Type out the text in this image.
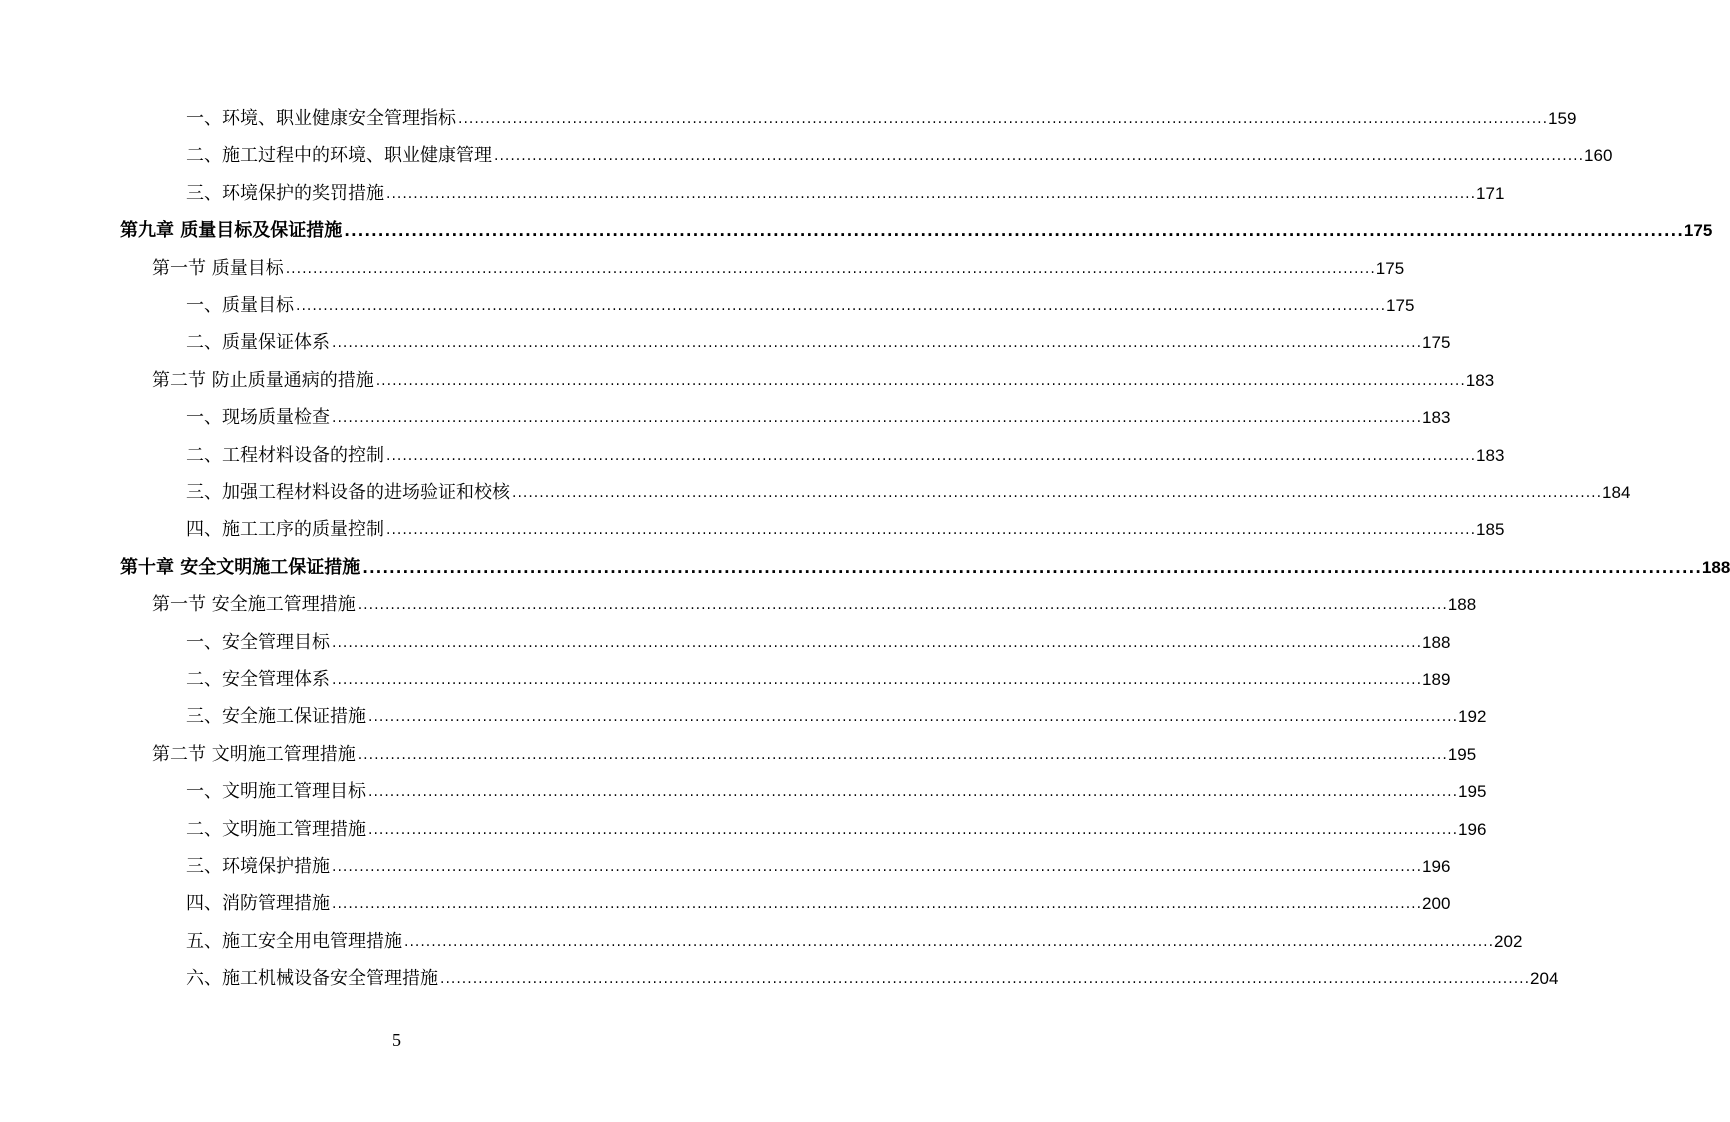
一、环境、职业健康安全管理指标 ........................................................................................................................................................................................................ 159
二、施工过程中的环境、职业健康管理 ........................................................................................................................................................................................................ 160
三、环境保护的奖罚措施 ........................................................................................................................................................................................................ 171
第九章 质量目标及保证措施 ........................................................................................................................................................................................................ 175
第一节 质量目标 ........................................................................................................................................................................................................ 175
一、质量目标 ........................................................................................................................................................................................................ 175
二、质量保证体系 ........................................................................................................................................................................................................ 175
第二节 防止质量通病的措施 ........................................................................................................................................................................................................ 183
一、现场质量检查 ........................................................................................................................................................................................................ 183
二、工程材料设备的控制 ........................................................................................................................................................................................................ 183
三、加强工程材料设备的进场验证和校核 ........................................................................................................................................................................................................ 184
四、施工工序的质量控制 ........................................................................................................................................................................................................ 185
第十章 安全文明施工保证措施 ........................................................................................................................................................................................................ 188
第一节 安全施工管理措施 ........................................................................................................................................................................................................ 188
一、安全管理目标 ........................................................................................................................................................................................................ 188
二、安全管理体系 ........................................................................................................................................................................................................ 189
三、安全施工保证措施 ........................................................................................................................................................................................................ 192
第二节 文明施工管理措施 ........................................................................................................................................................................................................ 195
一、文明施工管理目标 ........................................................................................................................................................................................................ 195
二、文明施工管理措施 ........................................................................................................................................................................................................ 196
三、环境保护措施 ........................................................................................................................................................................................................ 196
四、消防管理措施 ........................................................................................................................................................................................................ 200
五、施工安全用电管理措施 ........................................................................................................................................................................................................ 202
六、施工机械设备安全管理措施 ........................................................................................................................................................................................................ 204
5
